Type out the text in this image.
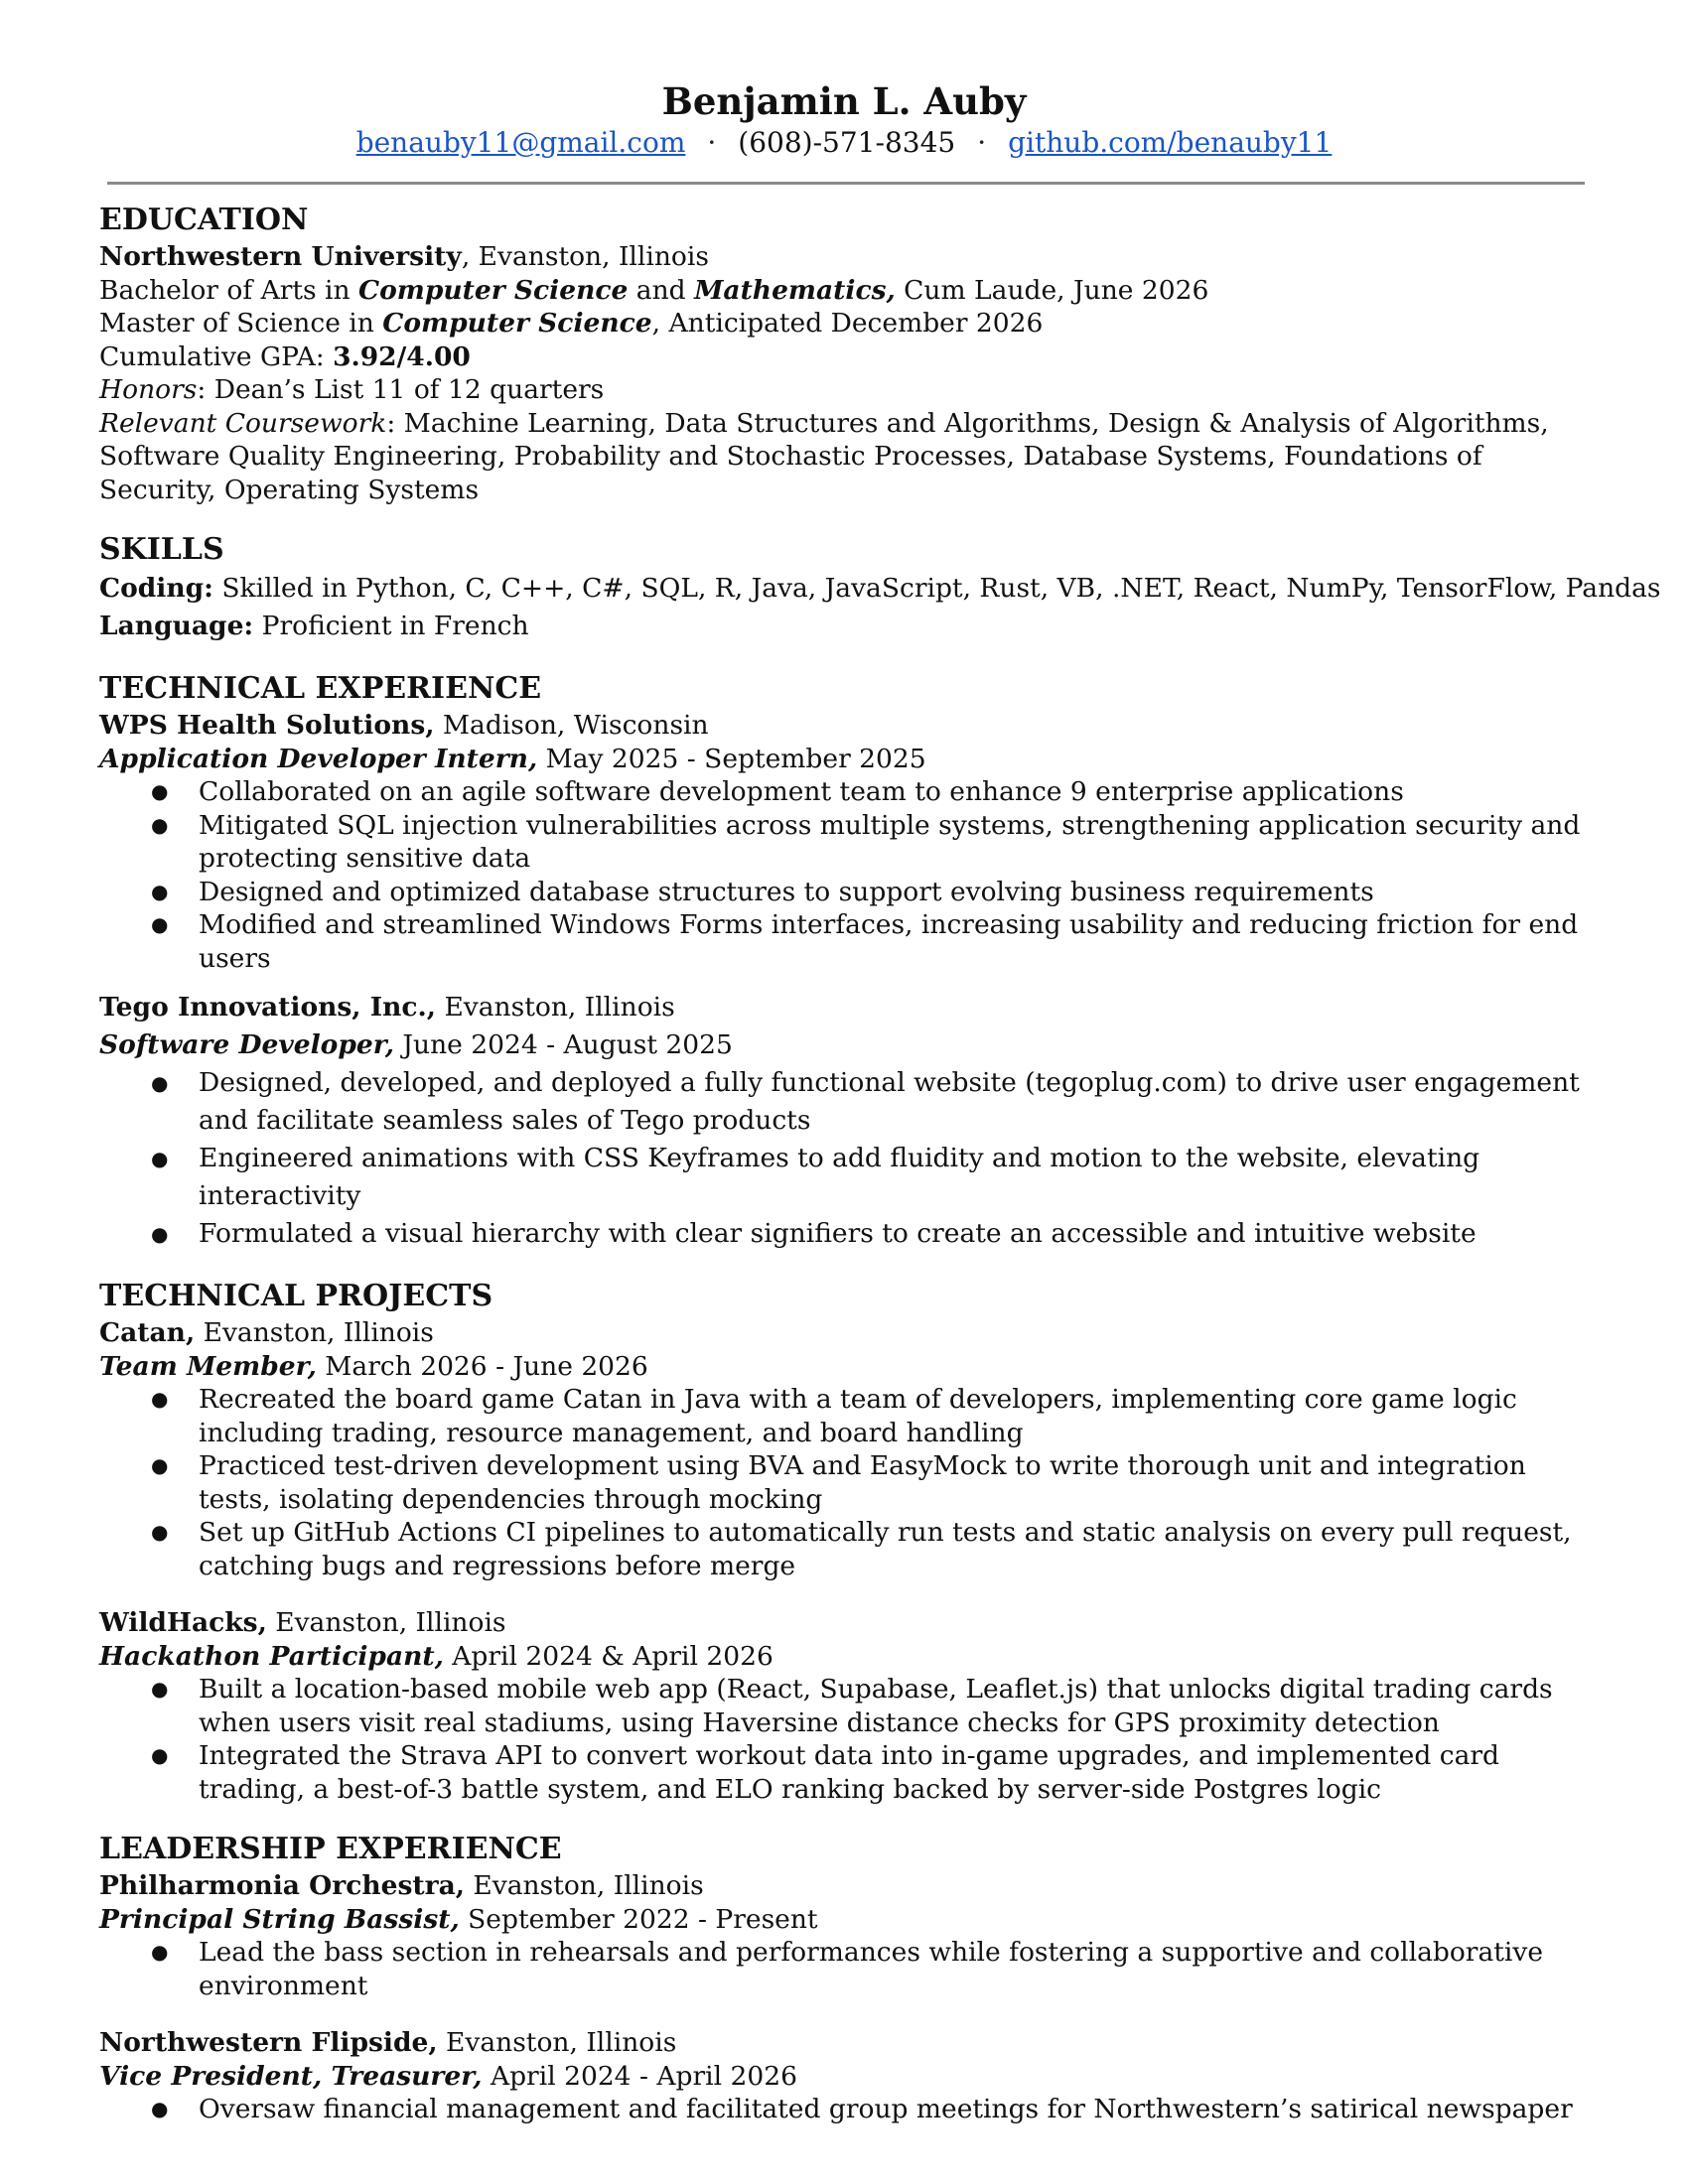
Benjamin L. Auby
benauby11@gmail.com · (608)-571-8345 · github.com/benauby11
EDUCATION
Northwestern University, Evanston, Illinois
Bachelor of Arts in Computer Science and Mathematics, Cum Laude, June 2026
Master of Science in Computer Science, Anticipated December 2026
Cumulative GPA: 3.92/4.00
Honors: Dean’s List 11 of 12 quarters
Relevant Coursework: Machine Learning, Data Structures and Algorithms, Design & Analysis of Algorithms, Software Quality Engineering, Probability and Stochastic Processes, Database Systems, Foundations of Security, Operating Systems
SKILLS
Coding: Skilled in Python, C, C++, C#, SQL, R, Java, JavaScript, Rust, VB, .NET, React, NumPy, TensorFlow, Pandas
Language: Proficient in French
TECHNICAL EXPERIENCE
WPS Health Solutions, Madison, Wisconsin
Application Developer Intern, May 2025 - September 2025
● Collaborated on an agile software development team to enhance 9 enterprise applications
● Mitigated SQL injection vulnerabilities across multiple systems, strengthening application security and protecting sensitive data
● Designed and optimized database structures to support evolving business requirements
● Modified and streamlined Windows Forms interfaces, increasing usability and reducing friction for end users
Tego Innovations, Inc., Evanston, Illinois
Software Developer, June 2024 - August 2025
● Designed, developed, and deployed a fully functional website (tegoplug.com) to drive user engagement and facilitate seamless sales of Tego products
● Engineered animations with CSS Keyframes to add fluidity and motion to the website, elevating interactivity
● Formulated a visual hierarchy with clear signifiers to create an accessible and intuitive website
TECHNICAL PROJECTS
Catan, Evanston, Illinois
Team Member, March 2026 - June 2026
● Recreated the board game Catan in Java with a team of developers, implementing core game logic including trading, resource management, and board handling
● Practiced test-driven development using BVA and EasyMock to write thorough unit and integration tests, isolating dependencies through mocking
● Set up GitHub Actions CI pipelines to automatically run tests and static analysis on every pull request, catching bugs and regressions before merge
WildHacks, Evanston, Illinois
Hackathon Participant, April 2024 & April 2026
● Built a location-based mobile web app (React, Supabase, Leaflet.js) that unlocks digital trading cards when users visit real stadiums, using Haversine distance checks for GPS proximity detection
● Integrated the Strava API to convert workout data into in-game upgrades, and implemented card trading, a best-of-3 battle system, and ELO ranking backed by server-side Postgres logic
LEADERSHIP EXPERIENCE
Philharmonia Orchestra, Evanston, Illinois
Principal String Bassist, September 2022 - Present
● Lead the bass section in rehearsals and performances while fostering a supportive and collaborative environment
Northwestern Flipside, Evanston, Illinois
Vice President, Treasurer, April 2024 - April 2026
● Oversaw financial management and facilitated group meetings for Northwestern’s satirical newspaper
